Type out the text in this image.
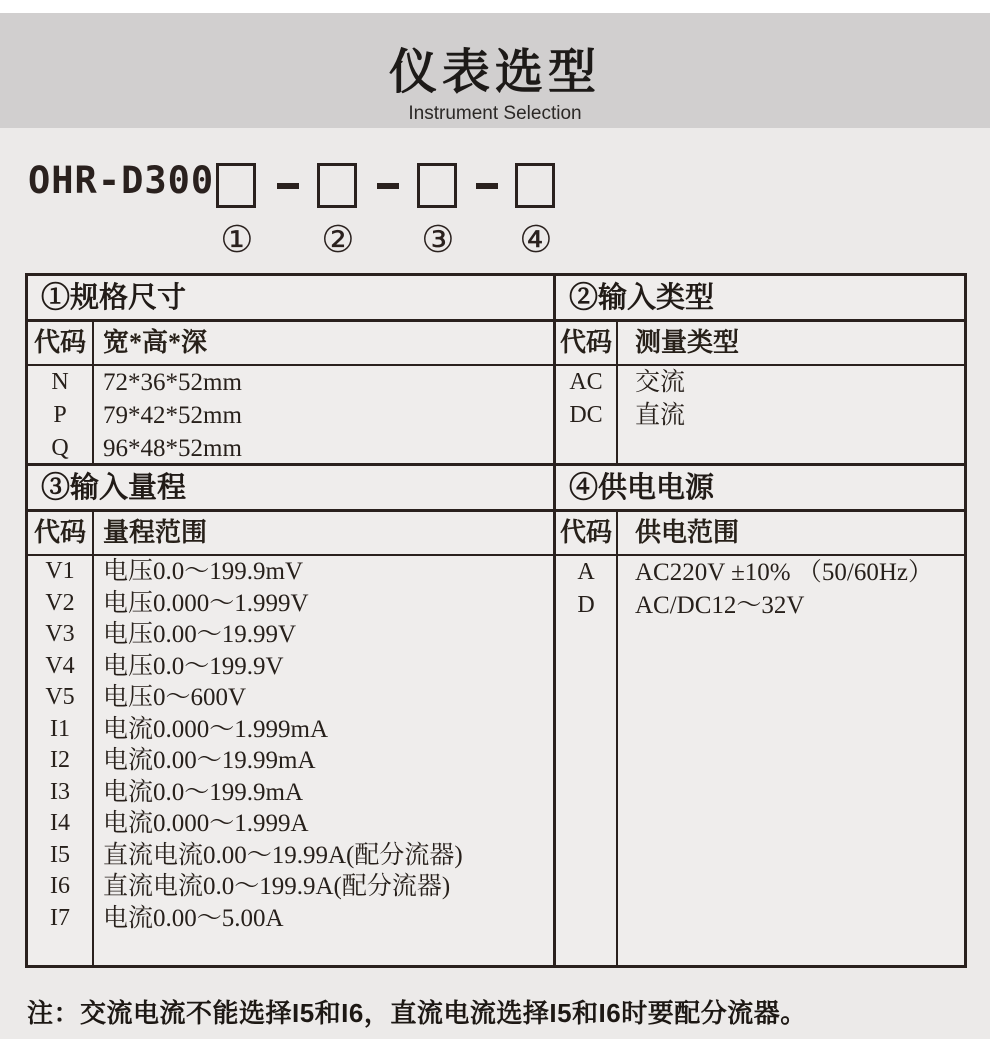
仪表选型
Instrument Selection
OHR-D300
① ② ③ ④
①规格尺寸
代码 宽*高*深
N	72*36*52mm
P	79*42*52mm
Q	96*48*52mm
③输入量程
代码 量程范围
V1	电压0.0～199.9mV
V2	电压0.000～1.999V
V3	电压0.00～19.99V
V4	电压0.0～199.9V
V5	电压0～600V
I1	电流0.000～1.999mA
I2	电流0.00～19.99mA
I3	电流0.0～199.9mA
I4	电流0.000～1.999A
I5	直流电流0.00～19.99A(配分流器)
I6	直流电流0.0～199.9A(配分流器)
I7	电流0.00～5.00A
②输入类型
代码 测量类型
AC	交流
DC	直流
④供电电源
代码 供电范围
A	AC220V ±10% （50/60Hz）
D	AC/DC12～32V
注：交流电流不能选择I5和I6，直流电流选择I5和I6时要配分流器。
